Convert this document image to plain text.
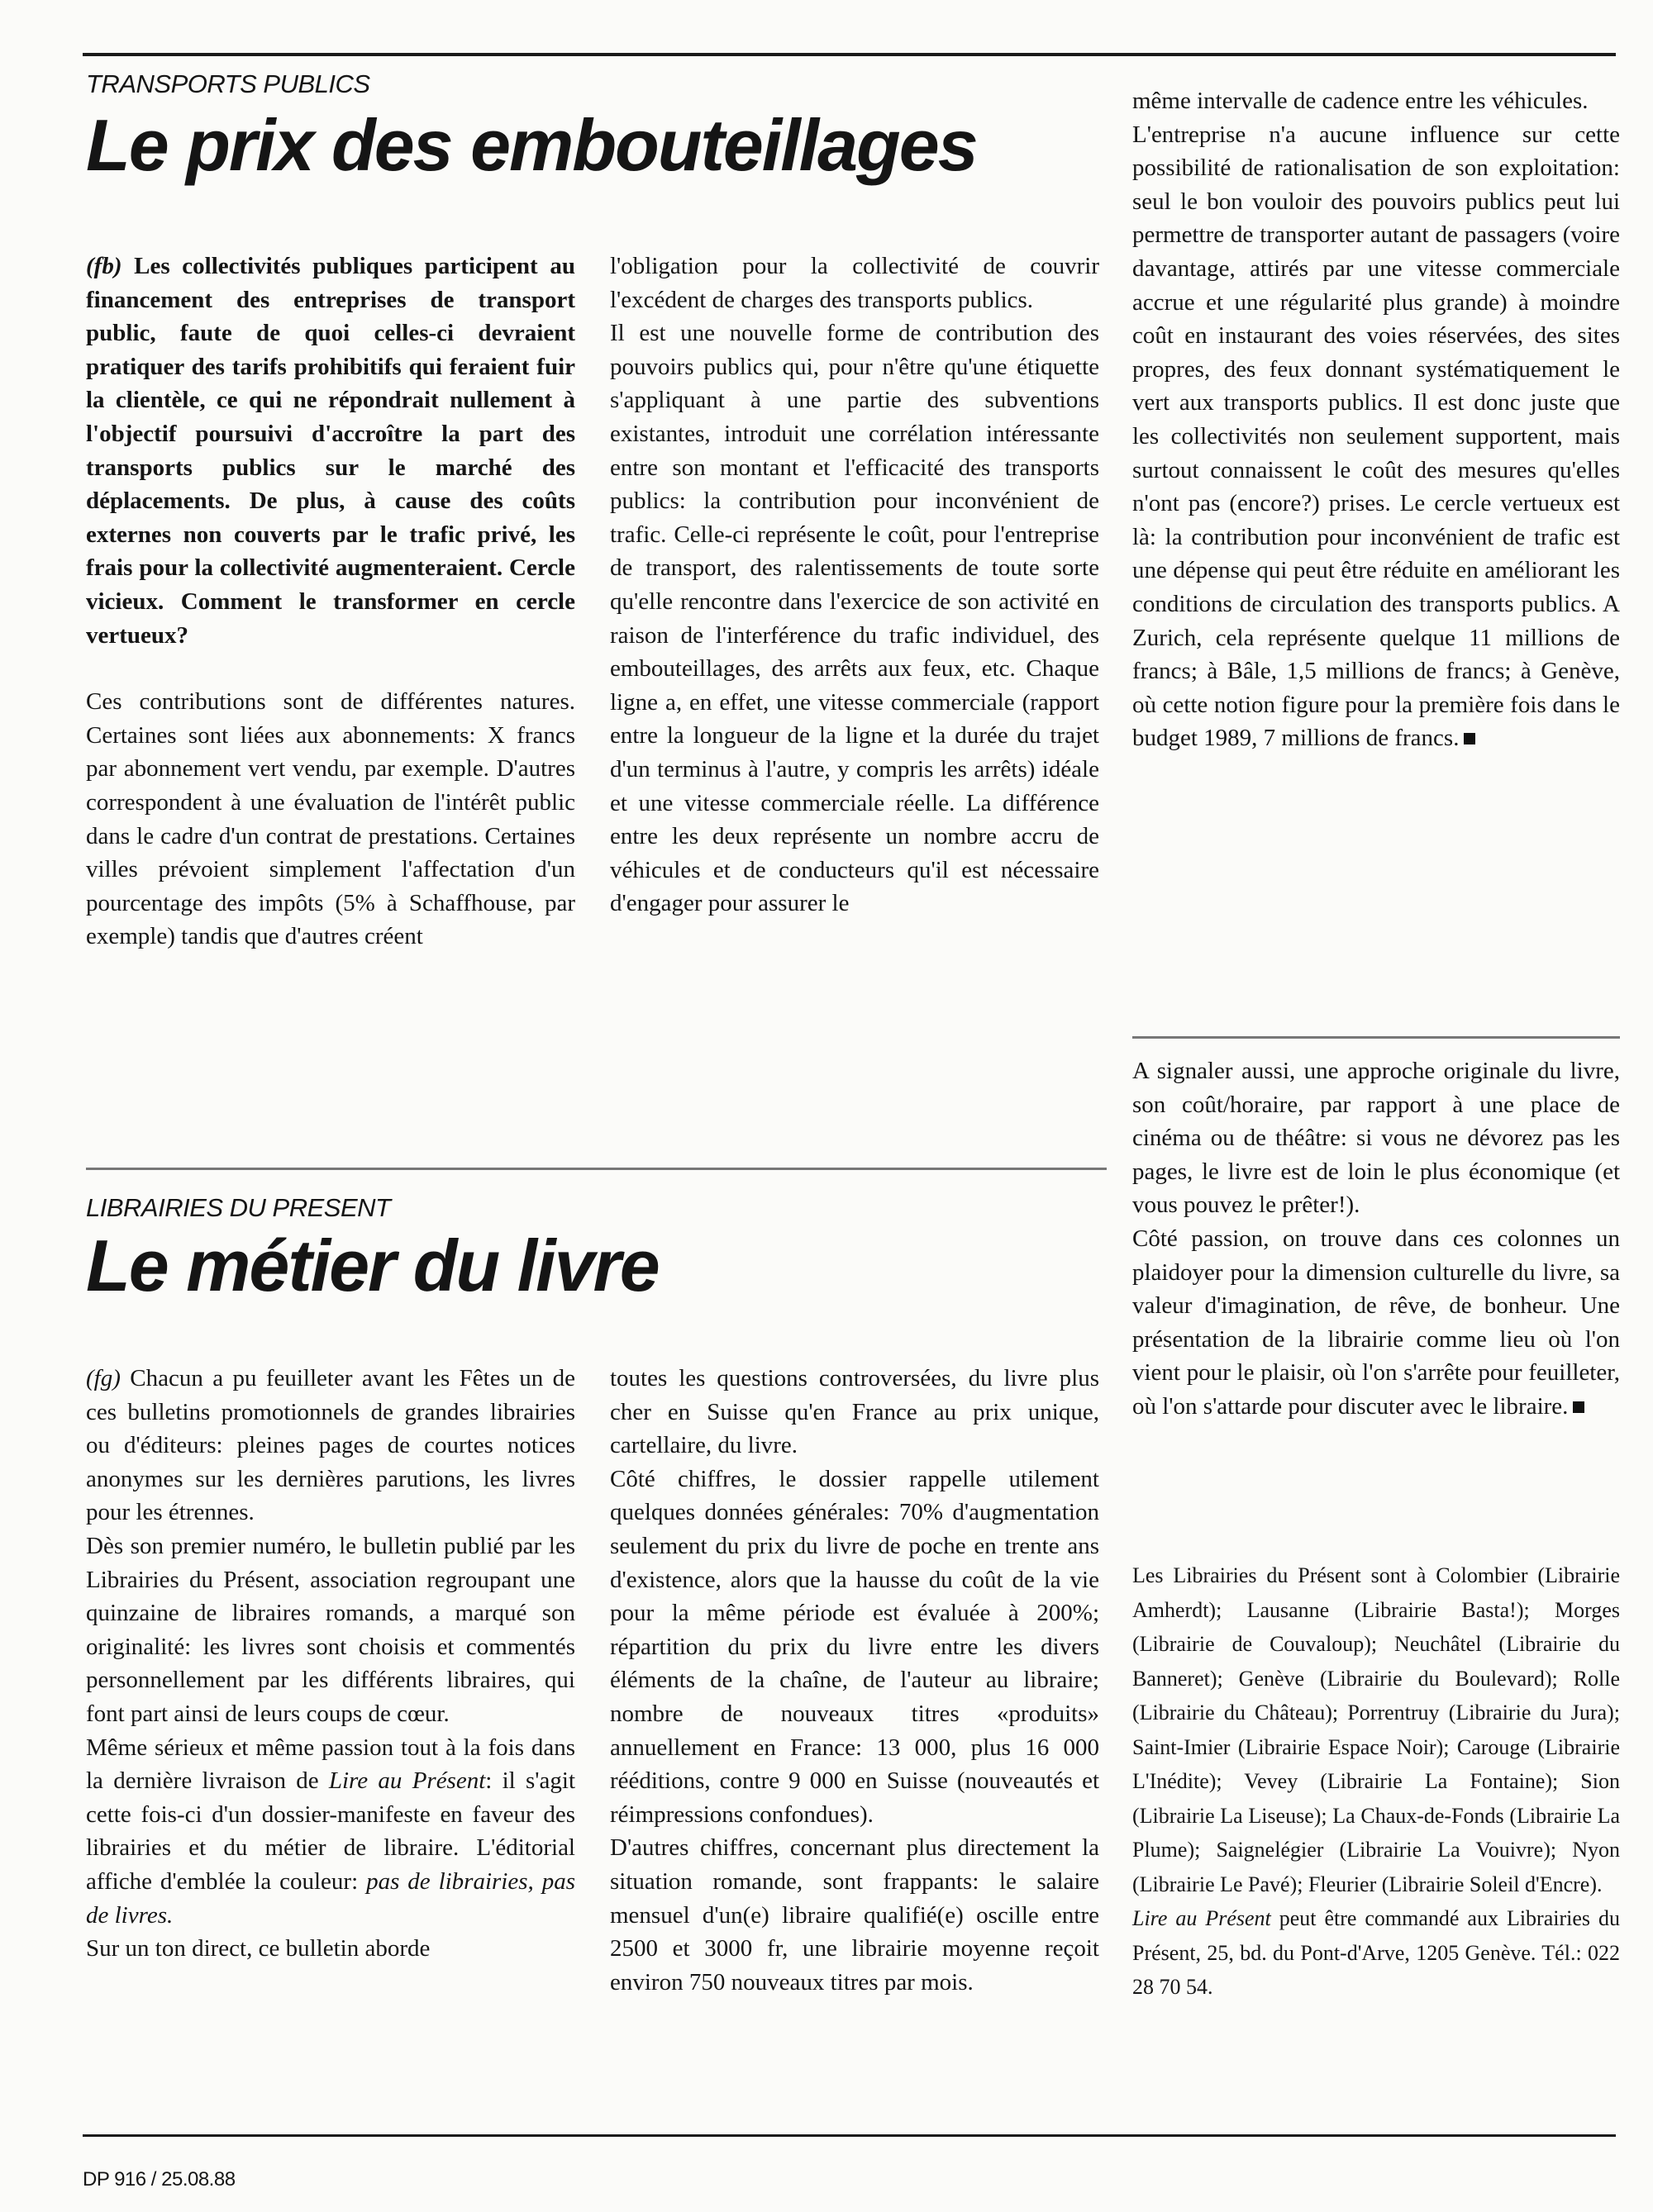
TRANSPORTS PUBLICS
Le prix des embouteillages

(fb) Les collectivités publiques participent au financement des entreprises de transport public, faute de quoi celles-ci devraient pratiquer des tarifs prohibitifs qui feraient fuir la clientèle, ce qui ne répondrait nullement à l'objectif poursuivi d'accroître la part des transports publics sur le marché des déplacements. De plus, à cause des coûts externes non couverts par le trafic privé, les frais pour la collectivité augmenteraient. Cercle vicieux. Comment le transformer en cercle vertueux?

Ces contributions sont de différentes natures. Certaines sont liées aux abonnements: X francs par abonnement vert vendu, par exemple. D'autres correspondent à une évaluation de l'intérêt public dans le cadre d'un contrat de prestations. Certaines villes prévoient simplement l'affectation d'un pourcentage des impôts (5% à Schaffhouse, par exemple) tandis que d'autres créent

l'obligation pour la collectivité de couvrir l'excédent de charges des transports publics.

Il est une nouvelle forme de contribution des pouvoirs publics qui, pour n'être qu'une étiquette s'appliquant à une partie des subventions existantes, introduit une corrélation intéressante entre son montant et l'efficacité des transports publics: la contribution pour inconvénient de trafic. Celle-ci représente le coût, pour l'entreprise de transport, des ralentissements de toute sorte qu'elle rencontre dans l'exercice de son activité en raison de l'interférence du trafic individuel, des embouteillages, des arrêts aux feux, etc. Chaque ligne a, en effet, une vitesse commerciale (rapport entre la longueur de la ligne et la durée du trajet d'un terminus à l'autre, y compris les arrêts) idéale et une vitesse commerciale réelle. La différence entre les deux représente un nombre accru de véhicules et de conducteurs qu'il est nécessaire d'engager pour assurer le

même intervalle de cadence entre les véhicules.

L'entreprise n'a aucune influence sur cette possibilité de rationalisation de son exploitation: seul le bon vouloir des pouvoirs publics peut lui permettre de transporter autant de passagers (voire davantage, attirés par une vitesse commerciale accrue et une régularité plus grande) à moindre coût en instaurant des voies réservées, des sites propres, des feux donnant systématiquement le vert aux transports publics. Il est donc juste que les collectivités non seulement supportent, mais surtout connaissent le coût des mesures qu'elles n'ont pas (encore?) prises. Le cercle vertueux est là: la contribution pour inconvénient de trafic est une dépense qui peut être réduite en améliorant les conditions de circulation des transports publics. A Zurich, cela représente quelque 11 millions de francs; à Bâle, 1,5 millions de francs; à Genève, où cette notion figure pour la première fois dans le budget 1989, 7 millions de francs.

LIBRAIRIES DU PRESENT
Le métier du livre

(fg) Chacun a pu feuilleter avant les Fêtes un de ces bulletins promotionnels de grandes librairies ou d'éditeurs: pleines pages de courtes notices anonymes sur les dernières parutions, les livres pour les étrennes.

Dès son premier numéro, le bulletin publié par les Librairies du Présent, association regroupant une quinzaine de libraires romands, a marqué son originalité: les livres sont choisis et commentés personnellement par les différents libraires, qui font part ainsi de leurs coups de cœur.

Même sérieux et même passion tout à la fois dans la dernière livraison de Lire au Présent: il s'agit cette fois-ci d'un dossier-manifeste en faveur des librairies et du métier de libraire. L'éditorial affiche d'emblée la couleur: pas de librairies, pas de livres.

Sur un ton direct, ce bulletin aborde

toutes les questions controversées, du livre plus cher en Suisse qu'en France au prix unique, cartellaire, du livre.

Côté chiffres, le dossier rappelle utilement quelques données générales: 70% d'augmentation seulement du prix du livre de poche en trente ans d'existence, alors que la hausse du coût de la vie pour la même période est évaluée à 200%; répartition du prix du livre entre les divers éléments de la chaîne, de l'auteur au libraire; nombre de nouveaux titres «produits» annuellement en France: 13 000, plus 16 000 rééditions, contre 9 000 en Suisse (nouveautés et réimpressions confondues).

D'autres chiffres, concernant plus directement la situation romande, sont frappants: le salaire mensuel d'un(e) libraire qualifié(e) oscille entre 2500 et 3000 fr, une librairie moyenne reçoit environ 750 nouveaux titres par mois.

A signaler aussi, une approche originale du livre, son coût/horaire, par rapport à une place de cinéma ou de théâtre: si vous ne dévorez pas les pages, le livre est de loin le plus économique (et vous pouvez le prêter!).

Côté passion, on trouve dans ces colonnes un plaidoyer pour la dimension culturelle du livre, sa valeur d'imagination, de rêve, de bonheur. Une présentation de la librairie comme lieu où l'on vient pour le plaisir, où l'on s'arrête pour feuilleter, où l'on s'attarde pour discuter avec le libraire.

Les Librairies du Présent sont à Colombier (Librairie Amherdt); Lausanne (Librairie Basta!); Morges (Librairie de Couvaloup); Neuchâtel (Librairie du Banneret); Genève (Librairie du Boulevard); Rolle (Librairie du Château); Porrentruy (Librairie du Jura); Saint-Imier (Librairie Espace Noir); Carouge (Librairie L'Inédite); Vevey (Librairie La Fontaine); Sion (Librairie La Liseuse); La Chaux-de-Fonds (Librairie La Plume); Saignelégier (Librairie La Vouivre); Nyon (Librairie Le Pavé); Fleurier (Librairie Soleil d'Encre).

Lire au Présent peut être commandé aux Librairies du Présent, 25, bd. du Pont-d'Arve, 1205 Genève. Tél.: 022 28 70 54.

DP 916 / 25.08.88
